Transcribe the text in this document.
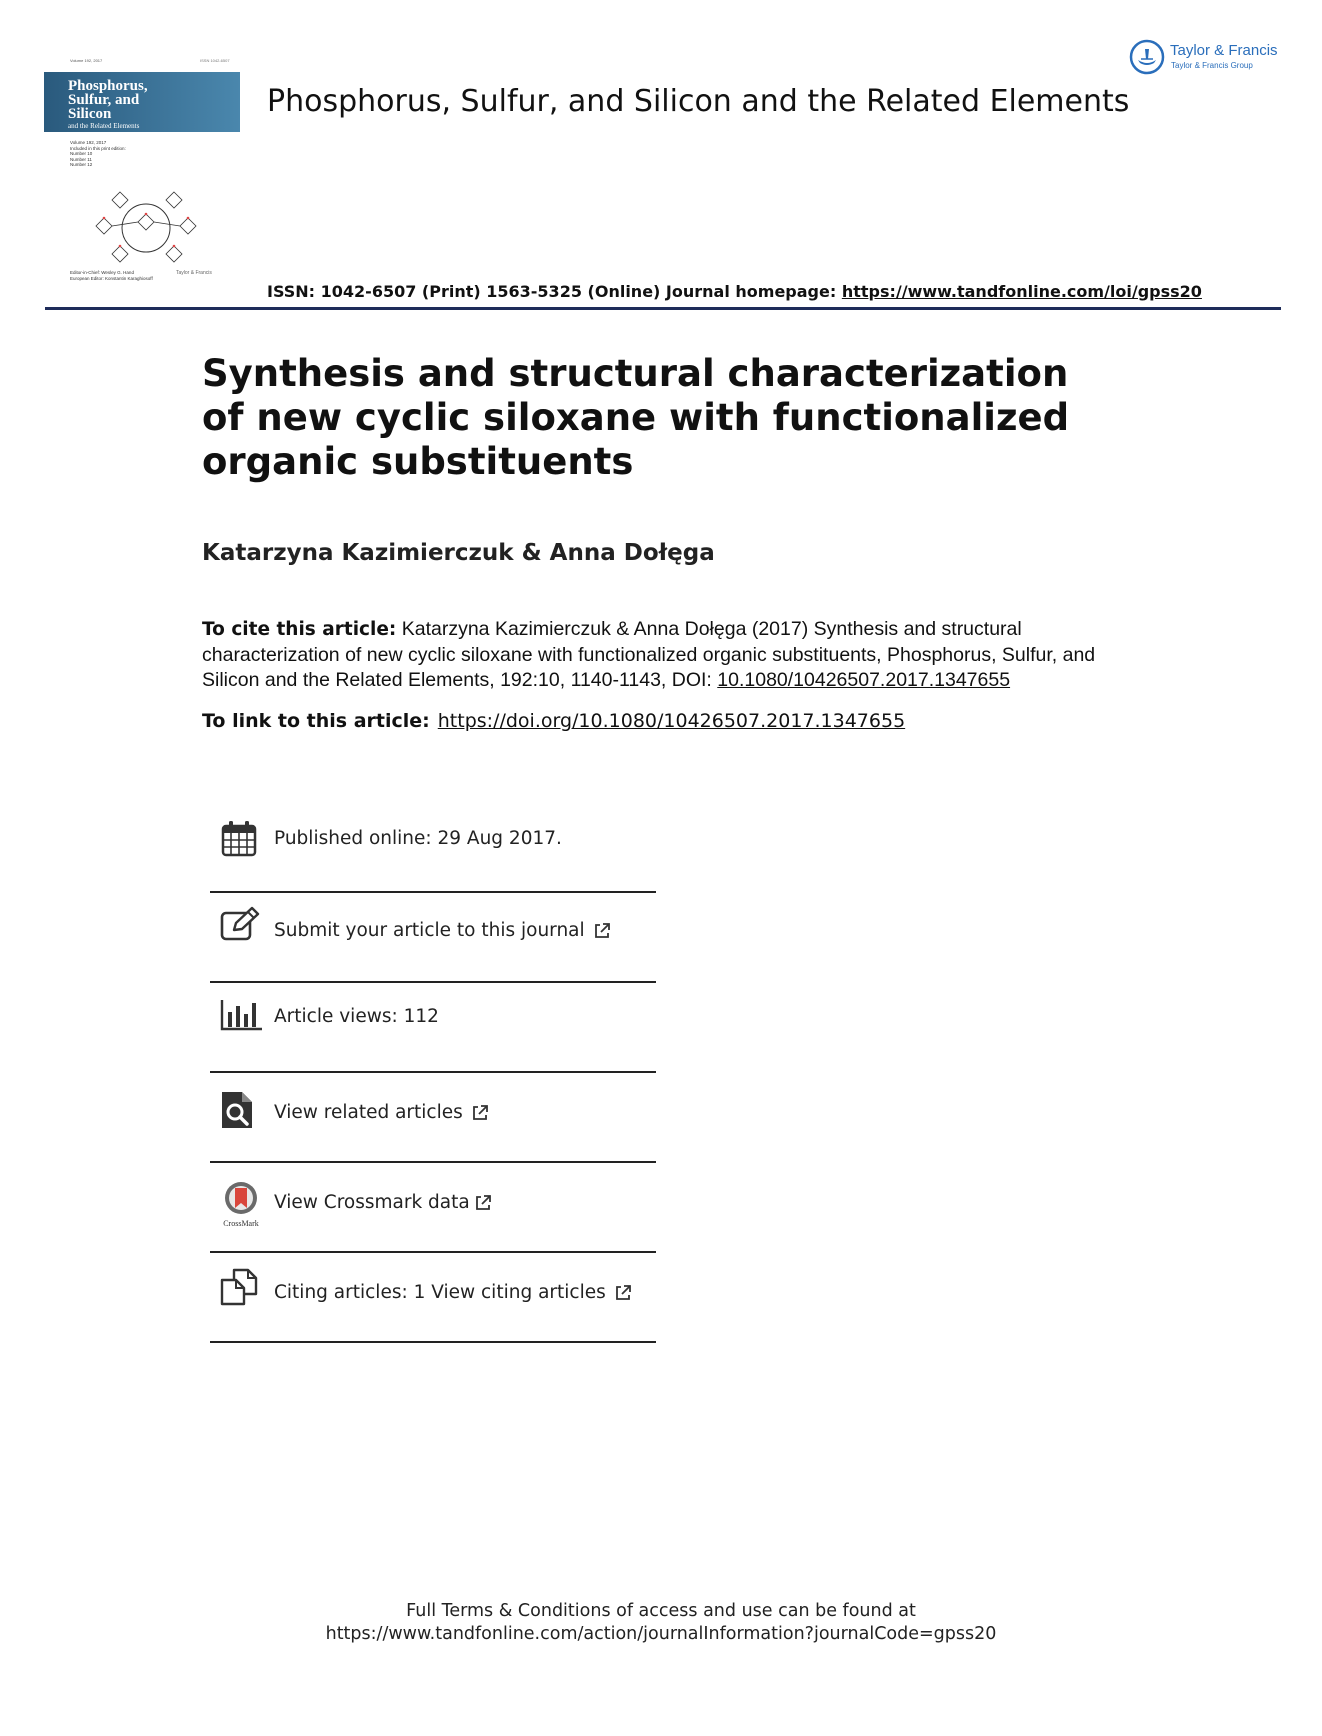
Volume 192, 2017	ISSN 1042-6507
Phosphorus, Sulfur, and Silicon
and the Related Elements
Volume 192, 2017
Included in this print edition:
Number 10
Number 11
Number 12
Editor-in-Chief: Wesley G. Hand
European Editor: Konstantin Karaghiosoff
Taylor & Francis
Taylor & Francis
Taylor & Francis Group
Phosphorus, Sulfur, and Silicon and the Related Elements
ISSN: 1042-6507 (Print) 1563-5325 (Online) Journal homepage: https://www.tandfonline.com/loi/gpss20
Synthesis and structural characterization of new cyclic siloxane with functionalized organic substituents
Katarzyna Kazimierczuk & Anna Dołęga
To cite this article: Katarzyna Kazimierczuk & Anna Dołęga (2017) Synthesis and structural characterization of new cyclic siloxane with functionalized organic substituents, Phosphorus, Sulfur, and Silicon and the Related Elements, 192:10, 1140-1143, DOI: 10.1080/10426507.2017.1347655
To link to this article: https://doi.org/10.1080/10426507.2017.1347655
Published online: 29 Aug 2017.
Submit your article to this journal
Article views: 112
View related articles
CrossMark
View Crossmark data
Citing articles: 1 View citing articles
Full Terms & Conditions of access and use can be found at
https://www.tandfonline.com/action/journalInformation?journalCode=gpss20
